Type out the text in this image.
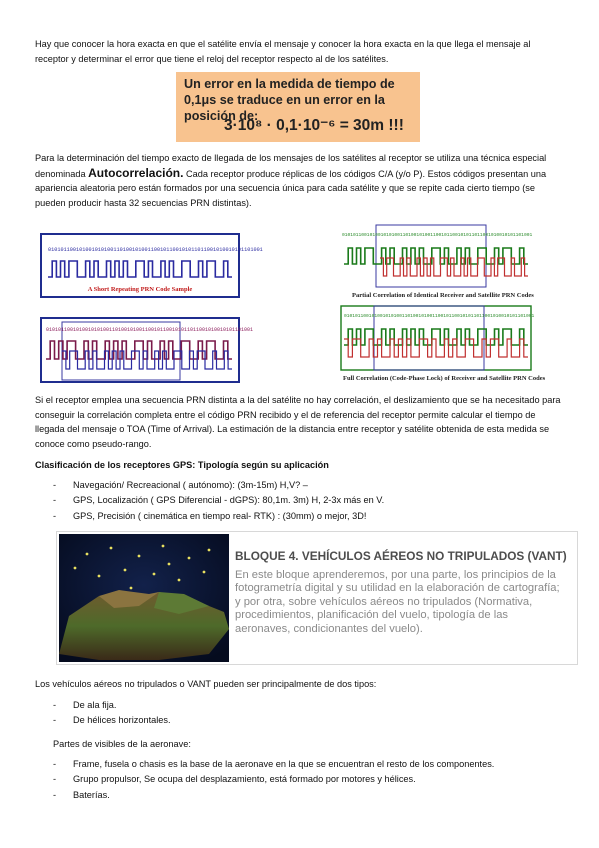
Hay que conocer la hora exacta en que el satélite envía el mensaje y conocer la hora exacta en la que llega el mensaje al receptor y determinar el error que tiene el reloj del receptor respecto al de los satélites.

Un error en la medida de tiempo de 0,1μs se traduce en un error en la posición de:
3·10⁸ · 0,1·10⁻⁶ = 30m !!!

Para la determinación del tiempo exacto de llegada de los mensajes de los satélites al receptor se utiliza una técnica especial denominada Autocorrelación. Cada receptor produce réplicas de los códigos C/A (y/o P). Estos códigos presentan una apariencia aleatoria pero están formados por una secuencia única para cada satélite y que se repite cada cierto tiempo (se pueden producir hasta 32 secuencias PRN distintas).

010101100101001010100110100101001100101100101011011001010010101101001
A Short Repeating PRN Code Sample
010101100101001010100110100101001100101100101011011001010010101101001
Partial Correlation of Identical Receiver and Satellite PRN Codes
010101100101001010100110100101001100101100101011011001010010101101001
010101100101001010100110100101001100101100101011011001010010101101001
Full Correlation (Code-Phase Lock) of Receiver and Satellite PRN Codes

Si el receptor emplea una secuencia PRN distinta a la del satélite no hay correlación, el deslizamiento que se ha necesitado para conseguir la correlación completa entre el código PRN recibido y el de referencia del receptor permite calcular el tiempo de llegada del mensaje o TOA (Time of Arrival). La estimación de la distancia entre receptor y satélite obtenida de esta medida se conoce como pseudo-rango.

Clasificación de los receptores GPS: Tipología según su aplicación

- Navegación/ Recreacional ( autónomo): (3m-15m) H,V? –
- GPS, Localización ( GPS Diferencial - dGPS): 80,1m. 3m) H, 2-3x más en V.
- GPS, Precisión ( cinemática en tiempo real- RTK) : (30mm) o mejor, 3D!
BLOQUE 4. VEHÍCULOS AÉREOS NO TRIPULADOS (VANT)
En este bloque aprenderemos, por una parte, los principios de la fotogrametría digital y su utilidad en la elaboración de cartografía; y por otra, sobre vehículos aéreos no tripulados (Normativa, procedimientos, planificación del vuelo, tipología de las aeronaves, condicionantes del vuelo).

Los vehículos aéreos no tripulados o VANT pueden ser principalmente de dos tipos:

- De ala fija.
- De hélices horizontales.

Partes de visibles de la aeronave:

- Frame, fusela o chasis es la base de la aeronave en la que se encuentran el resto de los componentes.
- Grupo propulsor, Se ocupa del desplazamiento, está formado por motores y hélices.
- Baterías.
